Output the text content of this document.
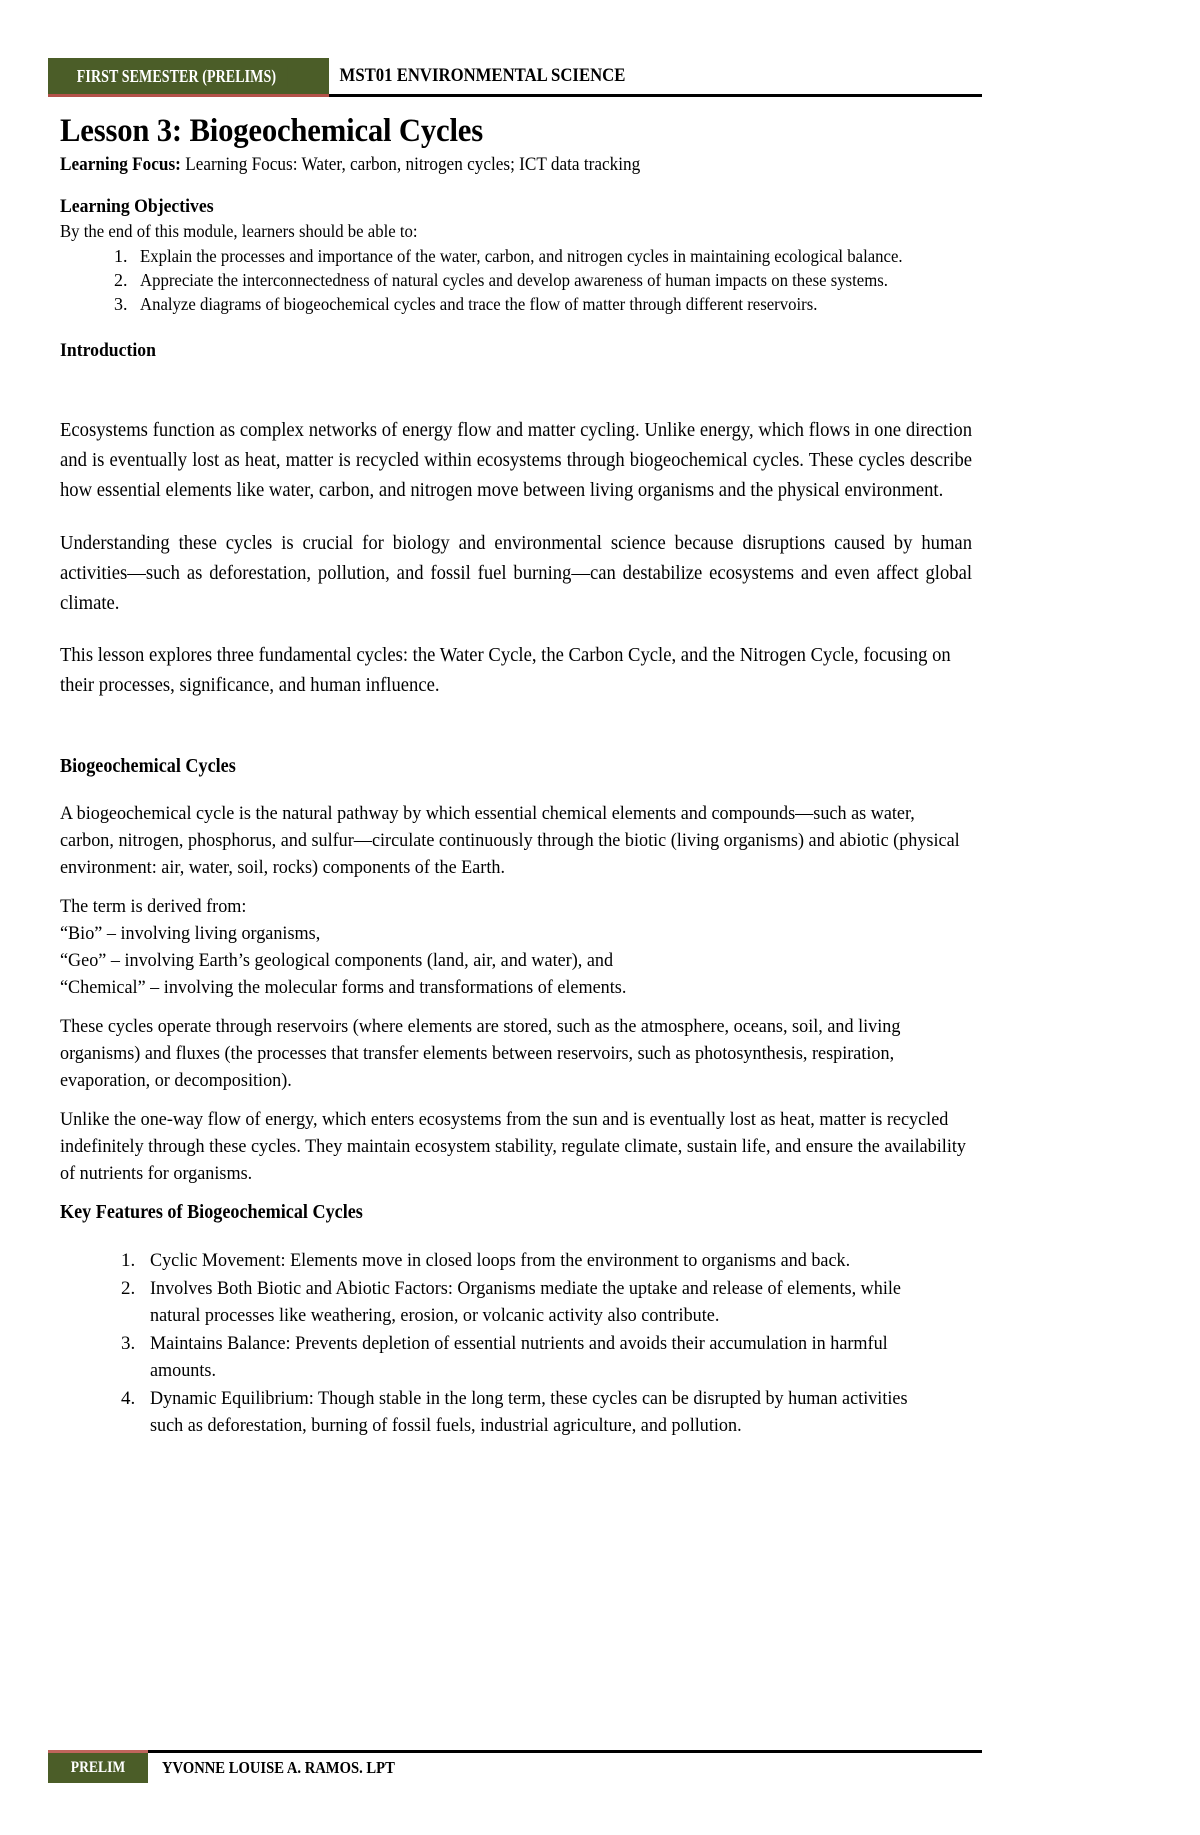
FIRST SEMESTER (PRELIMS)	MST01 ENVIRONMENTAL SCIENCE
Lesson 3: Biogeochemical Cycles
Learning Focus: Learning Focus: Water, carbon, nitrogen cycles; ICT data tracking
Learning Objectives
By the end of this module, learners should be able to:
1. Explain the processes and importance of the water, carbon, and nitrogen cycles in maintaining ecological balance.
2. Appreciate the interconnectedness of natural cycles and develop awareness of human impacts on these systems.
3. Analyze diagrams of biogeochemical cycles and trace the flow of matter through different reservoirs.
Introduction

Ecosystems function as complex networks of energy flow and matter cycling. Unlike energy, which flows in one direction and is eventually lost as heat, matter is recycled within ecosystems through biogeochemical cycles. These cycles describe how essential elements like water, carbon, and nitrogen move between living organisms and the physical environment.

Understanding these cycles is crucial for biology and environmental science because disruptions caused by human activities—such as deforestation, pollution, and fossil fuel burning—can destabilize ecosystems and even affect global climate.

This lesson explores three fundamental cycles: the Water Cycle, the Carbon Cycle, and the Nitrogen Cycle, focusing on their processes, significance, and human influence.

Biogeochemical Cycles

A biogeochemical cycle is the natural pathway by which essential chemical elements and compounds—such as water, carbon, nitrogen, phosphorus, and sulfur—circulate continuously through the biotic (living organisms) and abiotic (physical environment: air, water, soil, rocks) components of the Earth.

The term is derived from:

“Bio” – involving living organisms,

“Geo” – involving Earth’s geological components (land, air, and water), and

“Chemical” – involving the molecular forms and transformations of elements.

These cycles operate through reservoirs (where elements are stored, such as the atmosphere, oceans, soil, and living organisms) and fluxes (the processes that transfer elements between reservoirs, such as photosynthesis, respiration, evaporation, or decomposition).

Unlike the one-way flow of energy, which enters ecosystems from the sun and is eventually lost as heat, matter is recycled indefinitely through these cycles. They maintain ecosystem stability, regulate climate, sustain life, and ensure the availability of nutrients for organisms.

Key Features of Biogeochemical Cycles
1. Cyclic Movement: Elements move in closed loops from the environment to organisms and back.
2. Involves Both Biotic and Abiotic Factors: Organisms mediate the uptake and release of elements, while natural processes like weathering, erosion, or volcanic activity also contribute.
3. Maintains Balance: Prevents depletion of essential nutrients and avoids their accumulation in harmful amounts.
4. Dynamic Equilibrium: Though stable in the long term, these cycles can be disrupted by human activities such as deforestation, burning of fossil fuels, industrial agriculture, and pollution.
PRELIM YVONNE LOUISE A. RAMOS. LPT
